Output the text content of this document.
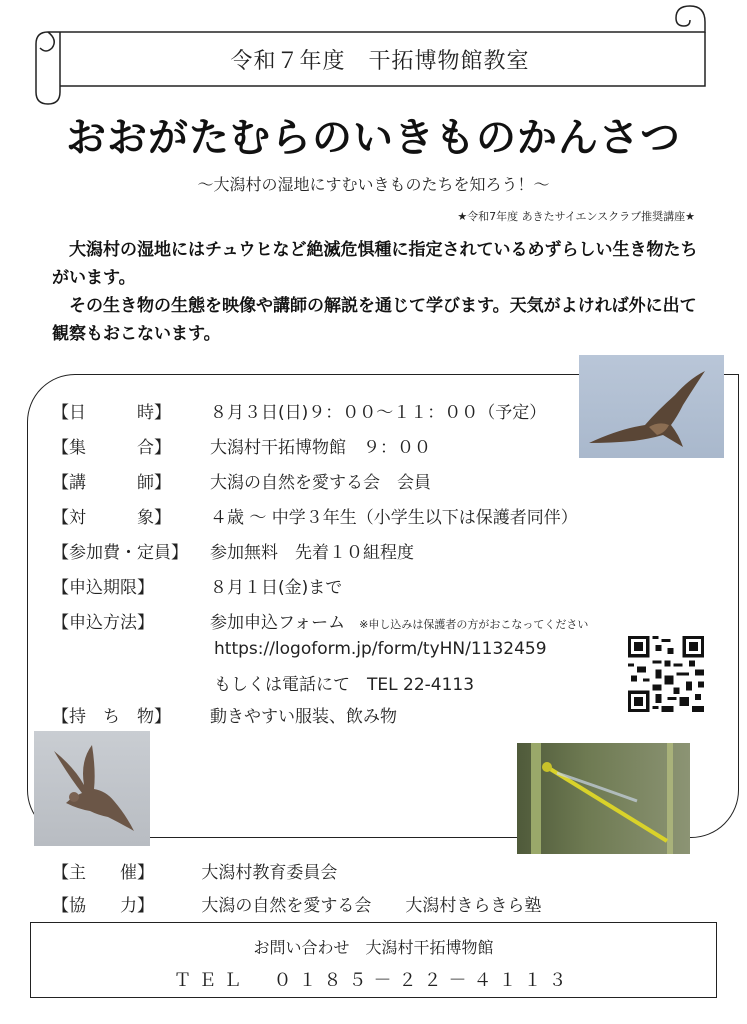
令和７年度　干拓博物館教室
おおがたむらのいきものかんさつ
～大潟村の湿地にすむいきものたちを知ろう！～
★令和7年度 あきたサイエンスクラブ推奨講座★

　大潟村の湿地にはチュウヒなど絶滅危惧種に指定されているめずらしい生き物たちがいます。

　その生き物の生態を映像や講師の解説を通じて学びます。天気がよければ外に出て観察もおこないます。

【日　　　時】	８月３日(日)９：００～１１：００（予定）
【集　　　合】	大潟村干拓博物館　９：００
【講　　　師】	大潟の自然を愛する会　会員
【対　　　象】	４歳 ～ 中学３年生（小学生以下は保護者同伴）
【参加費・定員】	参加無料　先着１０組程度
【申込期限】	８月１日(金)まで
【申込方法】	参加申込フォーム ※申し込みは保護者の方がおこなってください
https://logoform.jp/form/tyHN/1132459
もしくは電話にて　TEL 22-4113
【持　ち　物】	動きやすい服装、飲み物
【主　　催】	大潟村教育委員会
【協　　力】	大潟の自然を愛する会　　大潟村きらきら塾
お問い合わせ　大潟村干拓博物館
ＴＥＬ　０１８５－２２－４１１３
